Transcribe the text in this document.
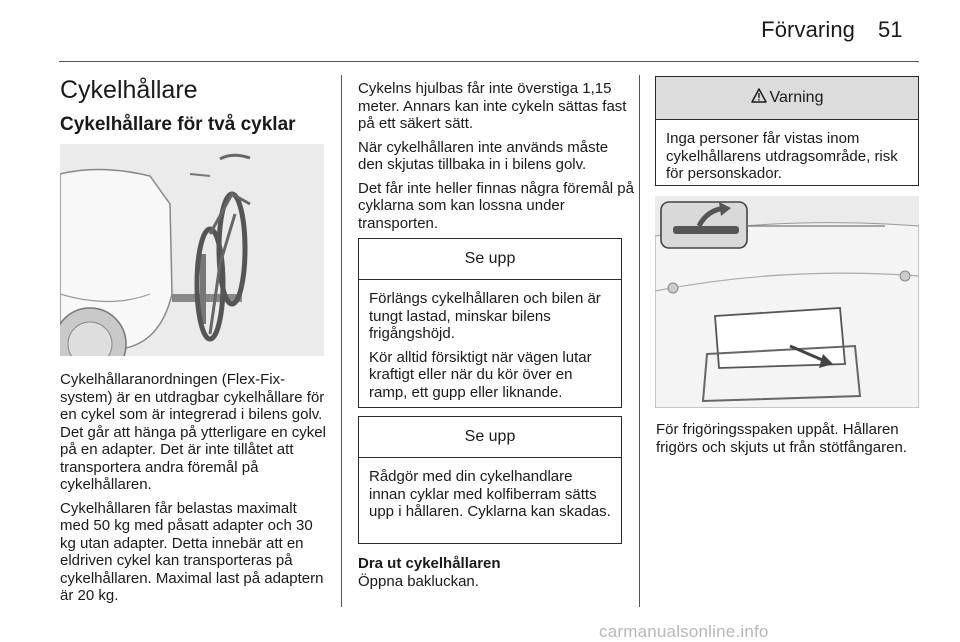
Förvaring 51
Cykelhållare
Cykelhållare för två cyklar

Cykelhållaranordningen (Flex-Fix-system) är en utdragbar cykelhållare för en cykel som är integrerad i bilens golv. Det går att hänga på ytterligare en cykel på en adapter. Det är inte tillåtet att transportera andra föremål på cykelhållaren.

Cykelhållaren får belastas maximalt med 50 kg med påsatt adapter och 30 kg utan adapter. Detta innebär att en eldriven cykel kan transporteras på cykelhållaren. Maximal last på adaptern är 20 kg.

Cykelns hjulbas får inte överstiga 1,15 meter. Annars kan inte cykeln sättas fast på ett säkert sätt.

När cykelhållaren inte används måste den skjutas tillbaka in i bilens golv.

Det får inte heller finnas några föremål på cyklarna som kan lossna under transporten.

Se upp

Förlängs cykelhållaren och bilen är tungt lastad, minskar bilens frigångshöjd.

Kör alltid försiktigt när vägen lutar kraftigt eller när du kör över en ramp, ett gupp eller liknande.

Se upp

Rådgör med din cykelhandlare innan cyklar med kolfiberram sätts upp i hållaren. Cyklarna kan skadas.

Dra ut cykelhållaren

Öppna bakluckan.

Varning

Inga personer får vistas inom cykelhållarens utdragsområde, risk för personskador.

För frigöringsspaken uppåt. Hållaren frigörs och skjuts ut från stötfångaren.

carmanualsonline.info
